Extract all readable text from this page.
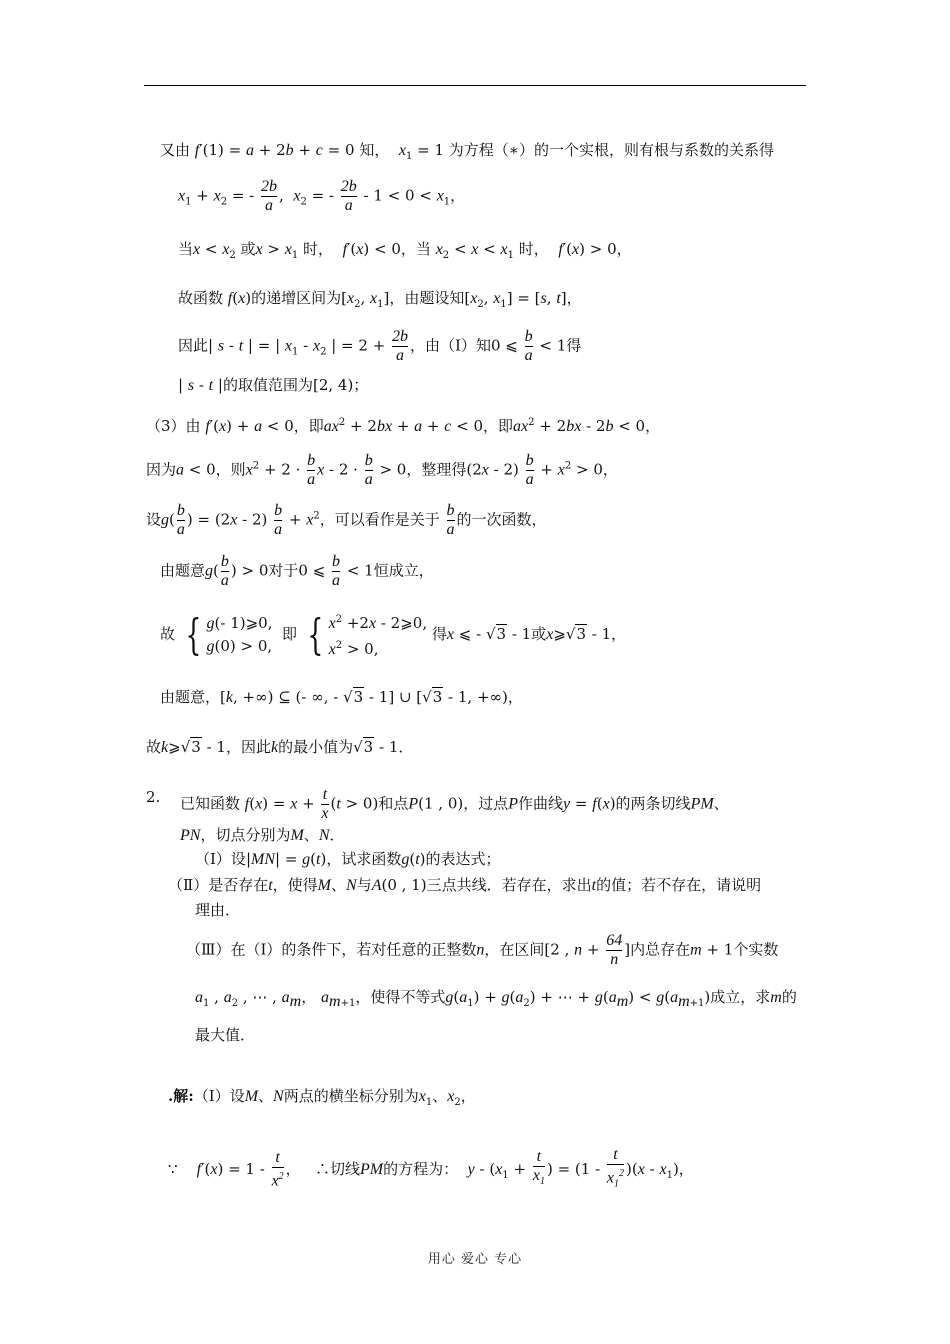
又由 f′(1) = a + 2b + c = 0 知， $x_1 = 1$ 为方程（∗）的一个实根，则有根与系数的关系得
$x_1 + x_2$ = - $\frac{2b}{a}$ ,  $x_2$ = - $\frac{2b}{a} - 1 < 0 < x_1$，
当$x < x_2$ 或$x > x_1$ 时， f′(x) < 0，当 $x_2 < x < x_1$ 时， f′(x) > 0，
故函数 f(x)的递增区间为[$x_2$, $x_1$]，由题设知[$x_2$, $x_1] = [s$, t]，
因此| s - t | = | $x_1 - x_2$ | = $2 + \frac{2b}{a}$ ，由（Ⅰ）知0 ⩽ $\frac{b}{a} < 1$得
| s - t |的取值范围为[2, 4)；
（3）由 f′(x) + a < 0，即$ax^2 + 2bx + a + c < 0$，即$ax^2 + 2bx - 2b < 0$，
因为a < 0，则$x^2 + 2 \cdot \frac{b}{a}$ $x - 2 \cdot \frac{b}{a} > 0$，整理得$(2x - 2) \frac{b}{a} + x^2 > 0$，
设$g( \frac{b}{a}$ ) = $(2x - 2) \frac{b}{a} + x^2$，可以看作是关于 $\frac{b}{a}$ 的一次函数，
由题意$g( \frac{b}{a}$ ) > 0对于0 ⩽ $\frac{b}{a} < 1$恒成立，
故 { g(- 1)⩾0,
g(0) > 0,  即 { $x^2 +2x$ - 2⩾0,
$x^2 > 0$, 得x ⩽ - √3 - 1或x⩾√3 - 1，
由题意，[k, +∞) ⊆ (- ∞, - √3 - 1] ∪ [√3 - 1, +∞)，
故k⩾√3 - 1，因此k的最小值为√3 - 1．
2. 已知函数 $f(x) = x + \frac{t}{x} (t > 0)$和点P(1 , 0)，过点P作曲线y = f(x)的两条切线PM、
PN，切点分别为M、N．
（Ⅰ）设|MN| = g(t)，试求函数g(t)的表达式；
（Ⅱ）是否存在t，使得M、N与A(0 , 1)三点共线．若存在，求出t的值；若不存在，请说明
理由．
（Ⅲ）在（Ⅰ）的条件下，若对任意的正整数n，在区间[2 , $n + \frac{64}{n}$ ]内总存在m + 1个实数
$a_1$ , $a_2$ , ⋯ , $a_m$， $a_{m+1}$，使得不等式$g(a_1) + g(a_2)$ + ⋯ + $g(a_m) < g(a_{m+1})$成立，求m的
最大值．
.解:（Ⅰ）设M、N两点的横坐标分别为$x_1$、$x_2$，
∵ $f'(x) = 1 - \frac{t}{x^2}$ ，   ∴切线PM的方程为： $y - (x_1 + \frac{t}{x_1}$ ) = $(1 - \frac{t}{x_1^2} )(x - x_1)$，
用心 爱心 专心
